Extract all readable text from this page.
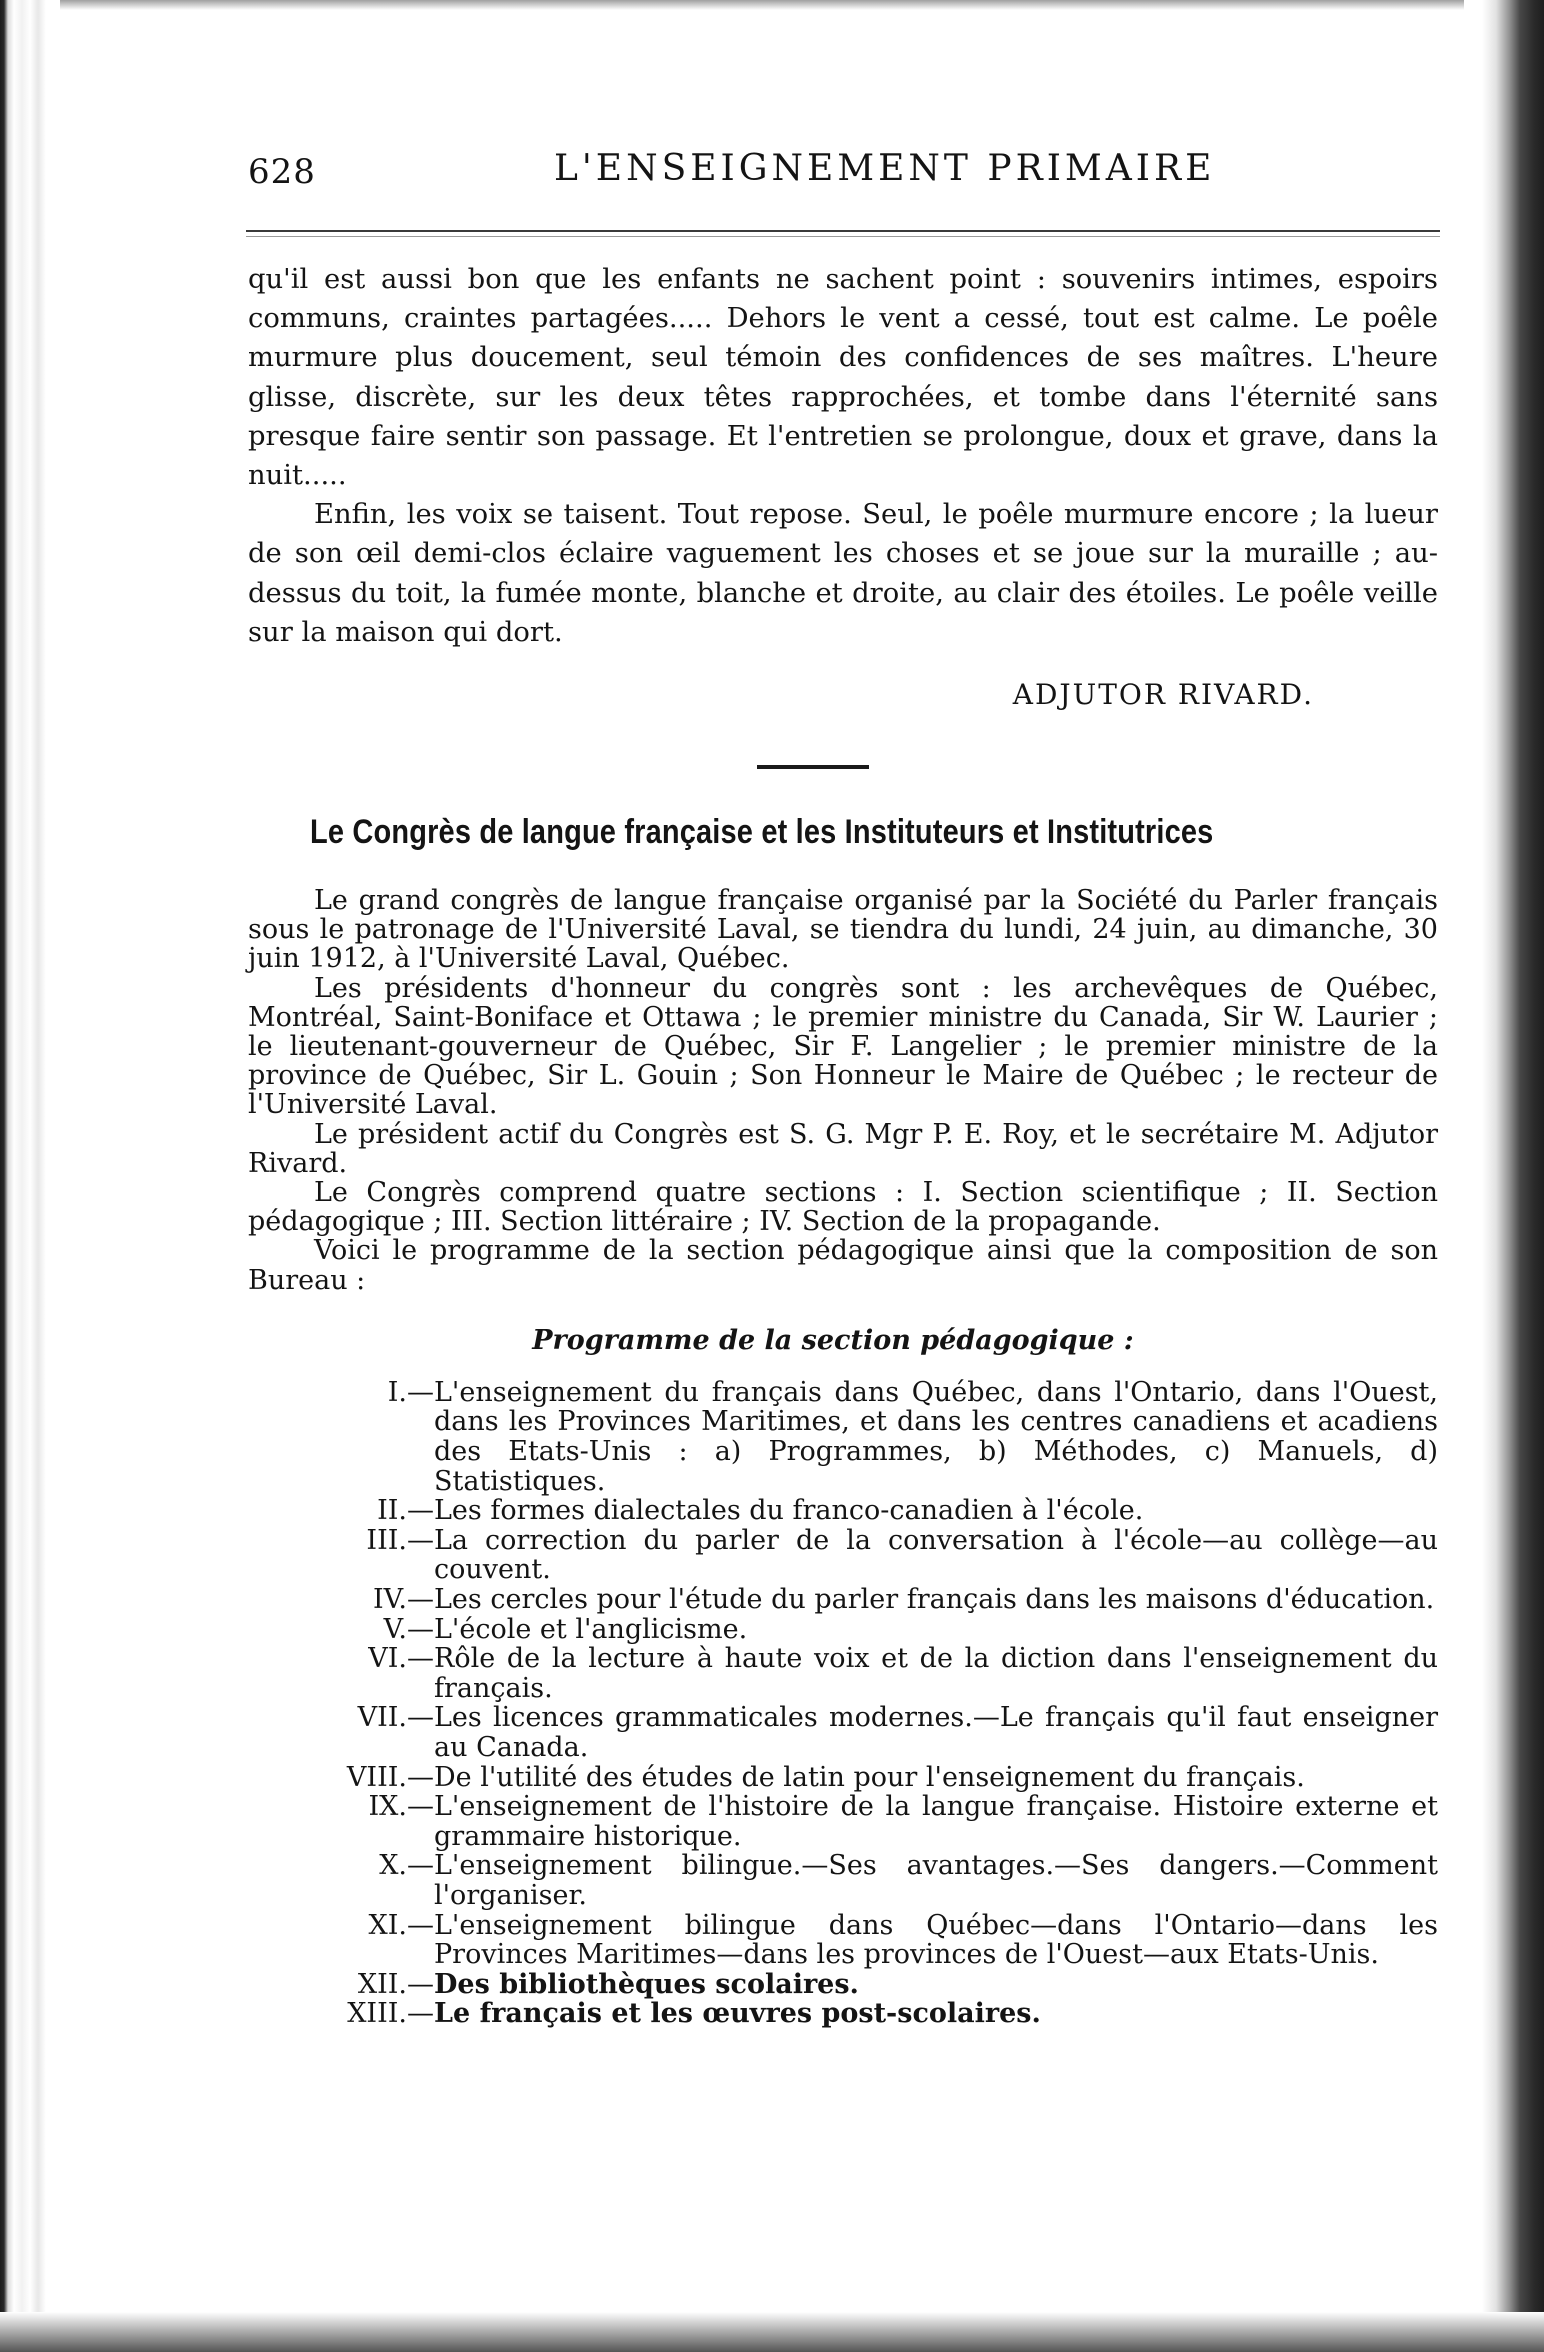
628	L'ENSEIGNEMENT PRIMAIRE

qu'il est aussi bon que les enfants ne sachent point : souvenirs intimes, espoirs communs, craintes partagées..... Dehors le vent a cessé, tout est calme. Le poêle murmure plus doucement, seul témoin des confidences de ses maîtres. L'heure glisse, discrète, sur les deux têtes rapprochées, et tombe dans l'éternité sans presque faire sentir son passage. Et l'entretien se prolongue, doux et grave, dans la nuit.....

Enfin, les voix se taisent. Tout repose. Seul, le poêle murmure encore ; la lueur de son œil demi-clos éclaire vaguement les choses et se joue sur la muraille ; au-dessus du toit, la fumée monte, blanche et droite, au clair des étoiles. Le poêle veille sur la maison qui dort.

ADJUTOR RIVARD.
Le Congrès de langue française et les Instituteurs et Institutrices

Le grand congrès de langue française organisé par la Société du Parler français sous le patronage de l'Université Laval, se tiendra du lundi, 24 juin, au dimanche, 30 juin 1912, à l'Université Laval, Québec.

Les présidents d'honneur du congrès sont : les archevêques de Québec, Montréal, Saint-Boniface et Ottawa ; le premier ministre du Canada, Sir W. Laurier ; le lieutenant-gouverneur de Québec, Sir F. Langelier ; le premier ministre de la province de Québec, Sir L. Gouin ; Son Honneur le Maire de Québec ; le recteur de l'Université Laval.

Le président actif du Congrès est S. G. Mgr P. E. Roy, et le secrétaire M. Adjutor Rivard.

Le Congrès comprend quatre sections : I. Section scientifique ; II. Section pédagogique ; III. Section littéraire ; IV. Section de la propagande.

Voici le programme de la section pédagogique ainsi que la composition de son Bureau :

Programme de la section pédagogique :
I.— L'enseignement du français dans Québec, dans l'Ontario, dans l'Ouest, dans les Provinces Maritimes, et dans les centres canadiens et acadiens des Etats-Unis : a) Programmes, b) Méthodes, c) Manuels, d) Statistiques.
II.— Les formes dialectales du franco-canadien à l'école.
III.— La correction du parler de la conversation à l'école—au collège—au couvent.
IV.— Les cercles pour l'étude du parler français dans les maisons d'éducation.
V.— L'école et l'anglicisme.
VI.— Rôle de la lecture à haute voix et de la diction dans l'enseignement du français.
VII.— Les licences grammaticales modernes.—Le français qu'il faut enseigner au Canada.
VIII.— De l'utilité des études de latin pour l'enseignement du français.
IX.— L'enseignement de l'histoire de la langue française. Histoire externe et grammaire historique.
X.— L'enseignement bilingue.—Ses avantages.—Ses dangers.—Comment l'organiser.
XI.— L'enseignement bilingue dans Québec—dans l'Ontario—dans les Provinces Maritimes—dans les provinces de l'Ouest—aux Etats-Unis.
XII.— Des bibliothèques scolaires.
XIII.— Le français et les œuvres post-scolaires.
